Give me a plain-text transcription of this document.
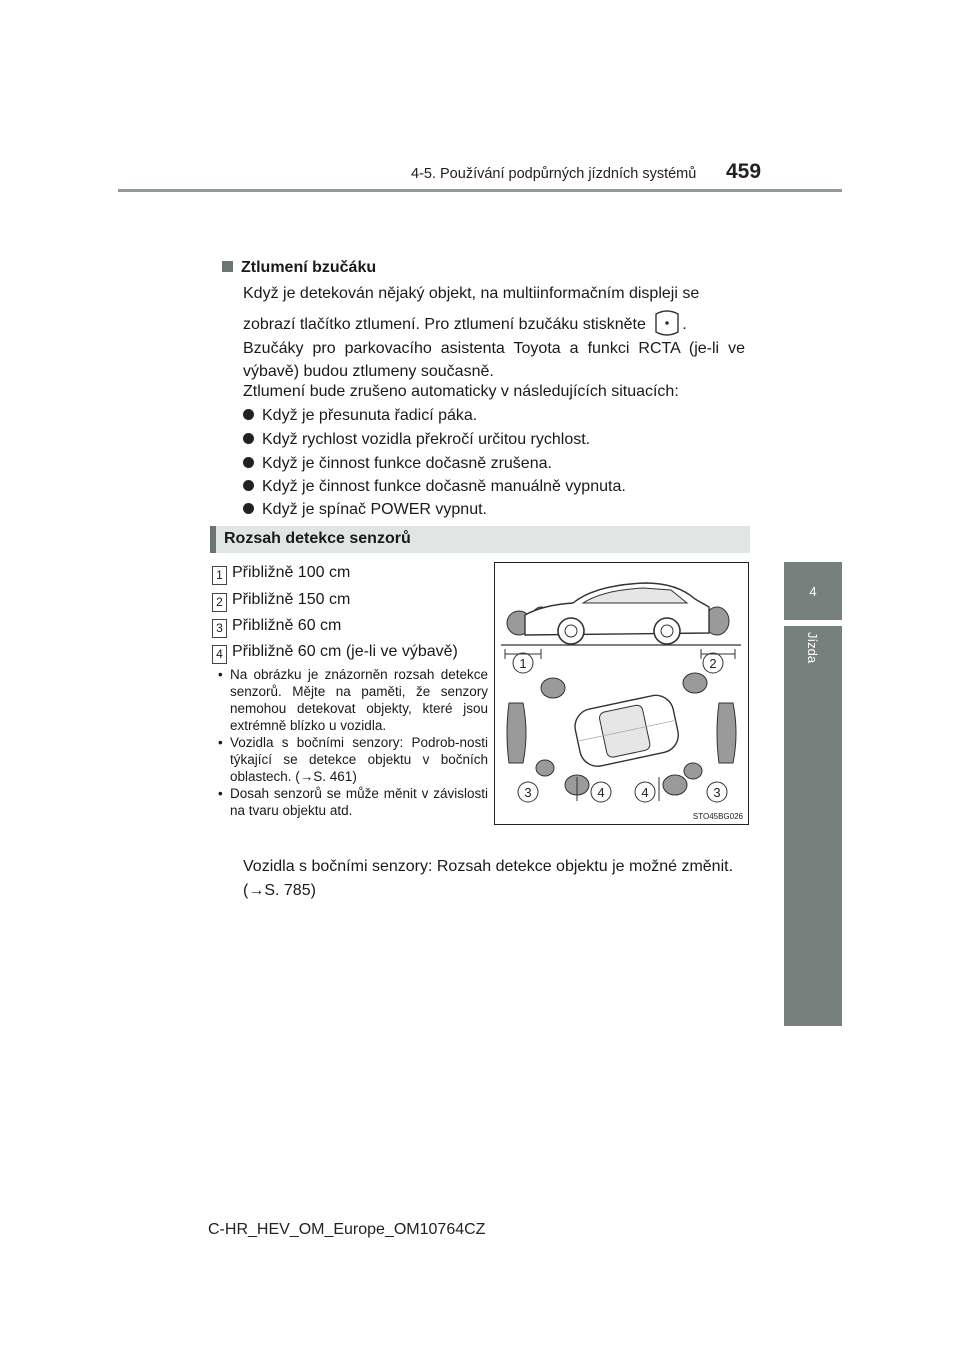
4-5. Používání podpůrných jízdních systémů 459
4
Jízda
Ztlumení bzučáku
Když je detekován nějaký objekt, na multiinformačním displeji se
zobrazí tlačítko ztlumení. Pro ztlumení bzučáku stiskněte .
Bzučáky pro parkovacího asistenta Toyota a funkci RCTA (je-li ve výbavě) budou ztlumeny současně.
Ztlumení bude zrušeno automaticky v následujících situacích:
Když je přesunuta řadicí páka.
Když rychlost vozidla překročí určitou rychlost.
Když je činnost funkce dočasně zrušena.
Když je činnost funkce dočasně manuálně vypnuta.
Když je spínač POWER vypnut.
Rozsah detekce senzorů
1 Přibližně 100 cm
2 Přibližně 150 cm
3 Přibližně 60 cm
4 Přibližně 60 cm (je-li ve výbavě)
• Na obrázku je znázorněn rozsah detekce senzorů. Mějte na paměti, že senzory nemohou detekovat objekty, které jsou extrémně blízko u vozidla.
• Vozidla s bočními senzory: Podrob-nosti týkající se detekce objektu v bočních oblastech. (→S. 461)
• Dosah senzorů se může měnit v závislosti na tvaru objektu atd.
1	2
3	4	4	3
STO45BG026
Vozidla s bočními senzory: Rozsah detekce objektu je možné změnit.
(→S. 785)
C-HR_HEV_OM_Europe_OM10764CZ
